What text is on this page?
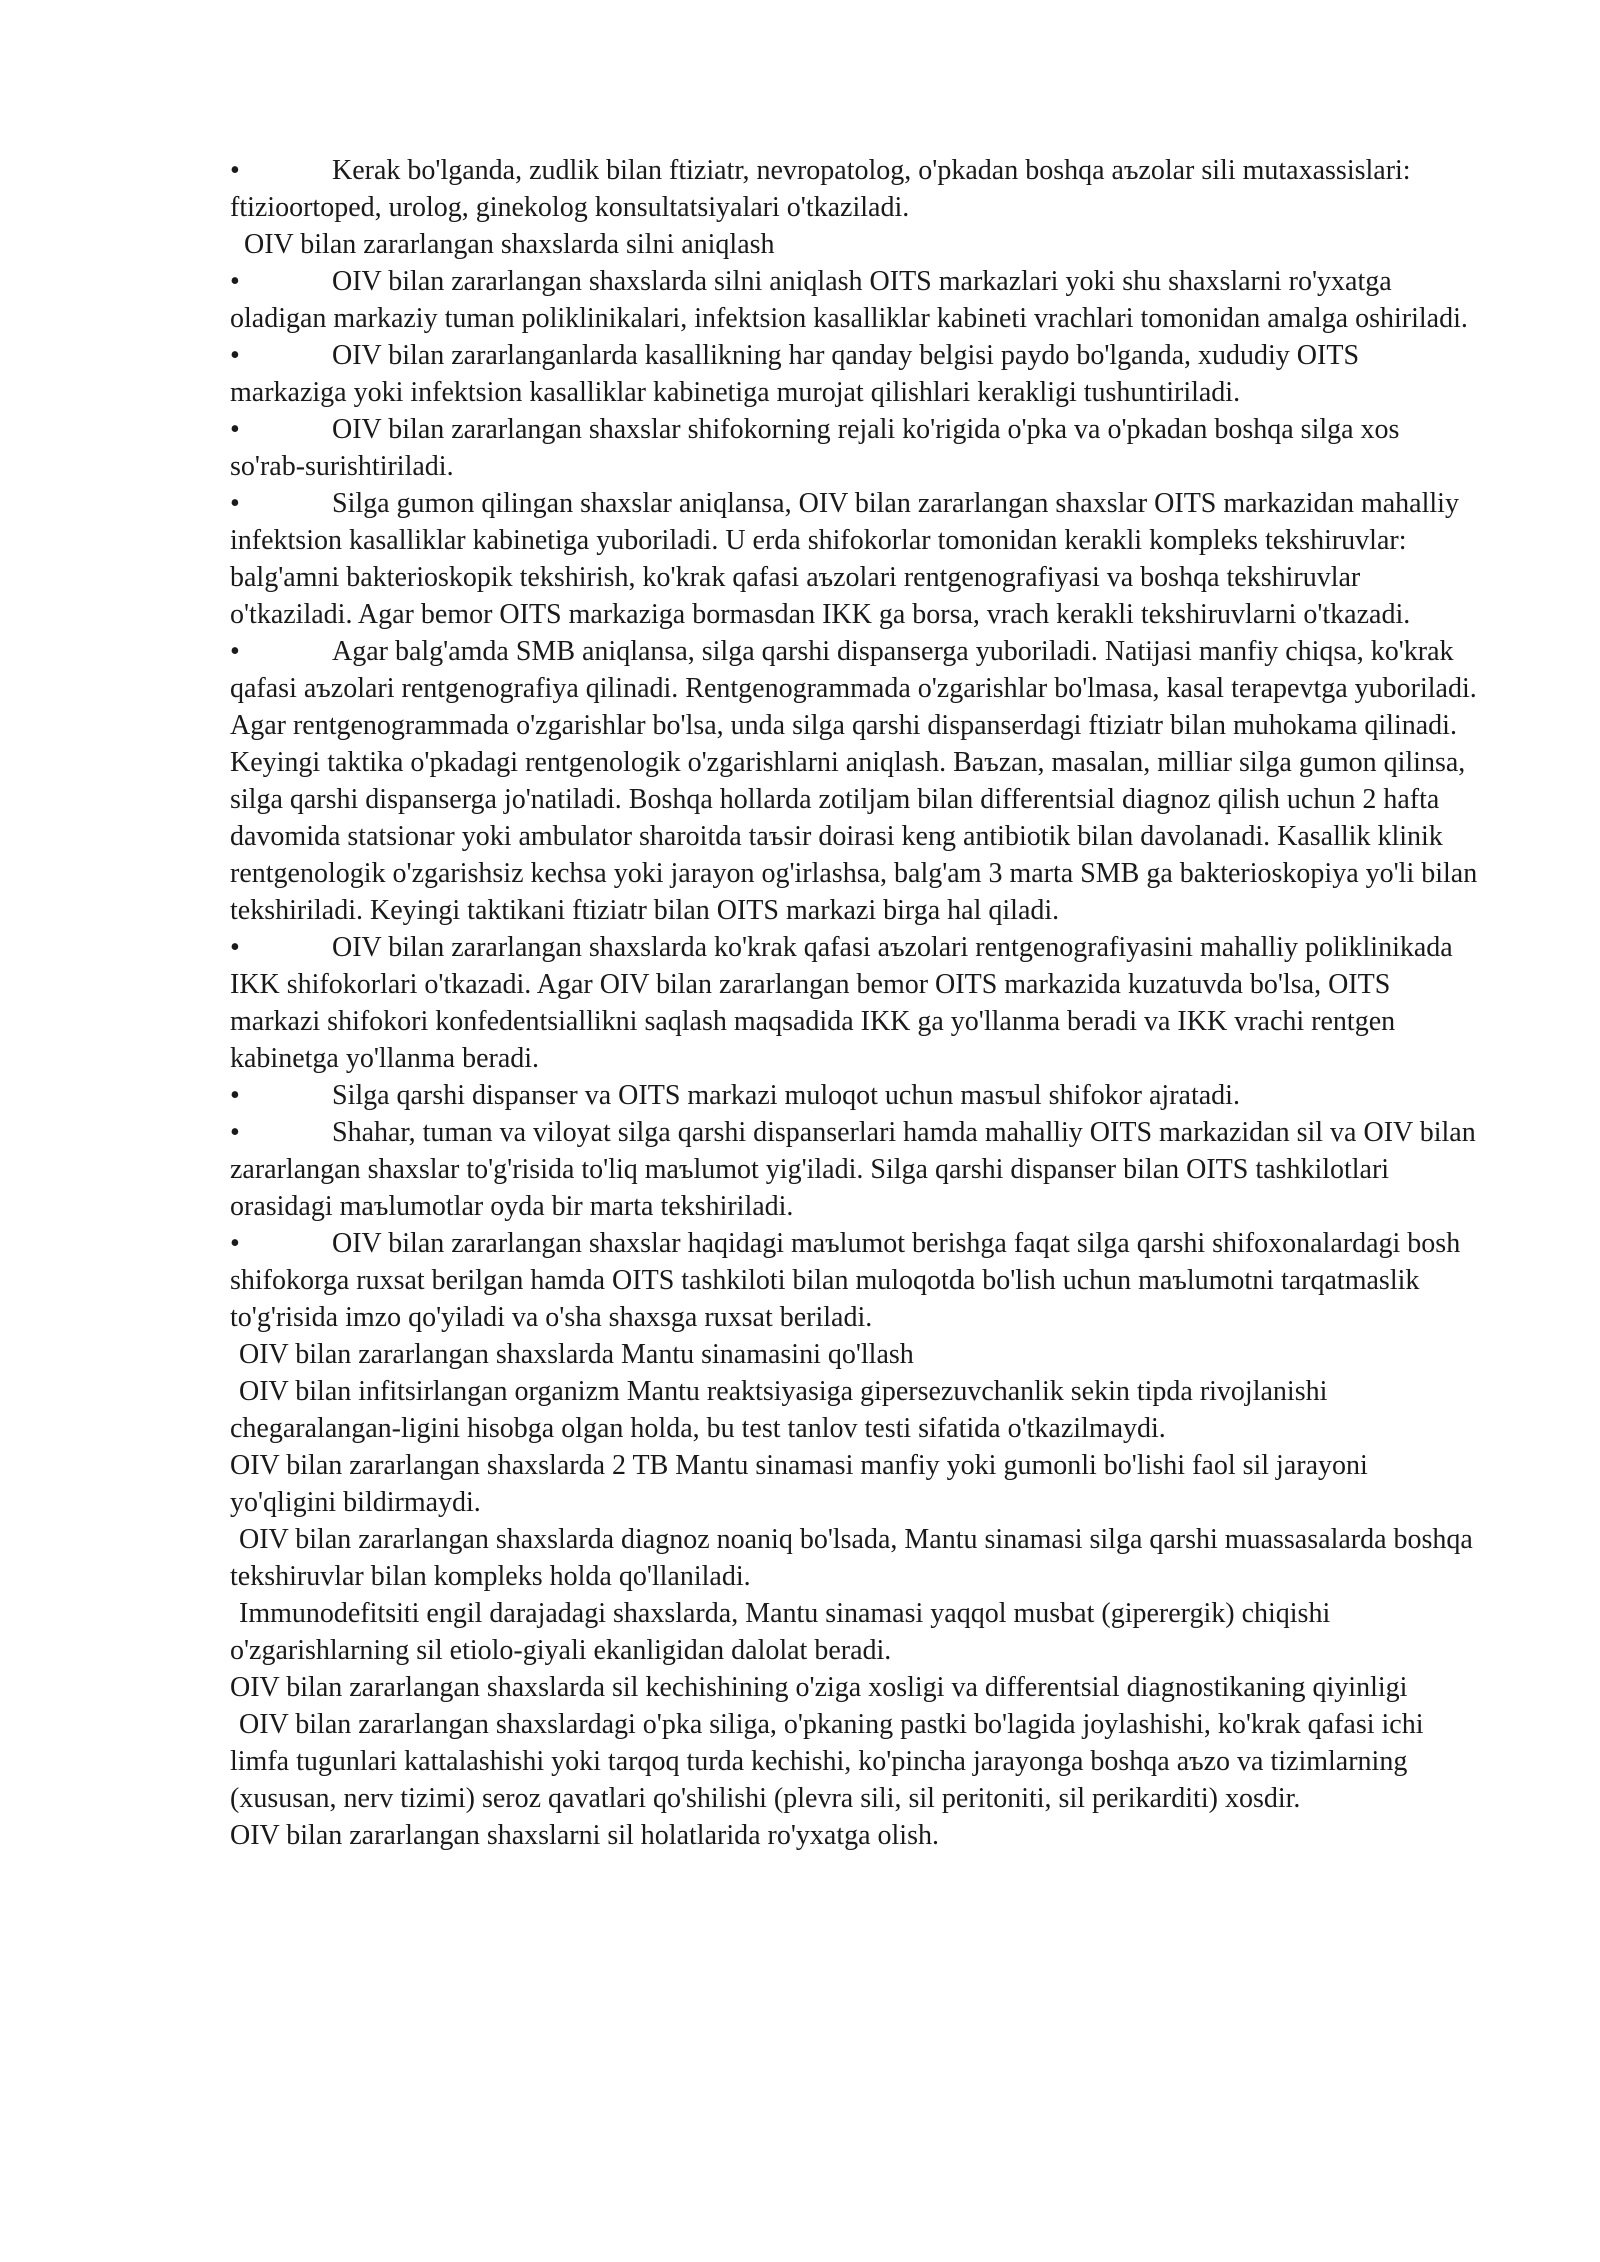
•	Kerak bo'lganda, zudlik bilan ftiziatr, nevropatolog, o'pkadan boshqa aъzolar sili mutaxassislari: ftizioortoped, urolog, ginekolog konsultatsiyalari o'tkaziladi.

OIV bilan zararlangan shaxslarda silni aniqlash

•	OIV bilan zararlangan shaxslarda silni aniqlash OITS markazlari yoki shu shaxslarni ro'yxatga oladigan markaziy tuman poliklinikalari, infektsion kasalliklar kabineti vrachlari tomonidan amalga oshiriladi.

•	OIV bilan zararlanganlarda kasallikning har qanday belgisi paydo bo'lganda, xududiy OITS markaziga yoki infektsion kasalliklar kabinetiga murojat qilishlari kerakligi tushuntiriladi.

•	OIV bilan zararlangan shaxslar shifokorning rejali ko'rigida o'pka va o'pkadan boshqa silga xos so'rab-surishtiriladi.

•	Silga gumon qilingan shaxslar aniqlansa, OIV bilan zararlangan shaxslar OITS markazidan mahalliy infektsion kasalliklar kabinetiga yuboriladi. U erda shifokorlar tomonidan kerakli kompleks tekshiruvlar: balg'amni bakterioskopik tekshirish, ko'krak qafasi aъzolari rentgenografiyasi va boshqa tekshiruvlar o'tkaziladi. Agar bemor OITS markaziga bormasdan IKK ga borsa, vrach kerakli tekshiruvlarni o'tkazadi.

•	Agar balg'amda SMB aniqlansa, silga qarshi dispanserga yuboriladi. Natijasi manfiy chiqsa, ko'krak qafasi aъzolari rentgenografiya qilinadi. Rentgenogrammada o'zgarishlar bo'lmasa, kasal terapevtga yuboriladi. Agar rentgenogrammada o'zgarishlar bo'lsa, unda silga qarshi dispanserdagi ftiziatr bilan muhokama qilinadi. Keyingi taktika o'pkadagi rentgenologik o'zgarishlarni aniqlash. Baъzan, masalan, milliar silga gumon qilinsa, silga qarshi dispanserga jo'natiladi. Boshqa hollarda zotiljam bilan differentsial diagnoz qilish uchun 2 hafta davomida statsionar yoki ambulator sharoitda taъsir doirasi keng antibiotik bilan davolanadi. Kasallik klinik rentgenologik o'zgarishsiz kechsa yoki jarayon og'irlashsa, balg'am 3 marta SMB ga bakterioskopiya yo'li bilan tekshiriladi. Keyingi taktikani ftiziatr bilan OITS markazi birga hal qiladi.

•	OIV bilan zararlangan shaxslarda ko'krak qafasi aъzolari rentgenografiyasini mahalliy poliklinikada IKK shifokorlari o'tkazadi. Agar OIV bilan zararlangan bemor OITS markazida kuzatuvda bo'lsa, OITS markazi shifokori konfedentsiallikni saqlash maqsadida IKK ga yo'llanma beradi va IKK vrachi rentgen kabinetga yo'llanma beradi.

•	Silga qarshi dispanser va OITS markazi muloqot uchun masъul shifokor ajratadi.

•	Shahar, tuman va viloyat silga qarshi dispanserlari hamda mahalliy OITS markazidan sil va OIV bilan zararlangan shaxslar to'g'risida to'liq maъlumot yig'iladi. Silga qarshi dispanser bilan OITS tashkilotlari orasidagi maъlumotlar oyda bir marta tekshiriladi.

•	OIV bilan zararlangan shaxslar haqidagi maъlumot berishga faqat silga qarshi shifoxonalardagi bosh shifokorga ruxsat berilgan hamda OITS tashkiloti bilan muloqotda bo'lish uchun maъlumotni tarqatmaslik to'g'risida imzo qo'yiladi va o'sha shaxsga ruxsat beriladi.

OIV bilan zararlangan shaxslarda Mantu sinamasini qo'llash

OIV bilan infitsirlangan organizm Mantu reaktsiyasiga gipersezuvchanlik sekin tipda rivojlanishi chegaralangan-ligini hisobga olgan holda, bu test tanlov testi sifatida o'tkazilmaydi.

OIV bilan zararlangan shaxslarda 2 TB Mantu sinamasi manfiy yoki gumonli bo'lishi faol sil jarayoni yo'qligini bildirmaydi.

OIV bilan zararlangan shaxslarda diagnoz noaniq bo'lsada, Mantu sinamasi silga qarshi muassasalarda boshqa tekshiruvlar bilan kompleks holda qo'llaniladi.

Immunodefitsiti engil darajadagi shaxslarda, Mantu sinamasi yaqqol musbat (giperergik) chiqishi o'zgarishlarning sil etiolo-giyali ekanligidan dalolat beradi.

OIV bilan zararlangan shaxslarda sil kechishining o'ziga xosligi va differentsial diagnostikaning qiyinligi

OIV bilan zararlangan shaxslardagi o'pka siliga, o'pkaning pastki bo'lagida joylashishi, ko'krak qafasi ichi limfa tugunlari kattalashishi yoki tarqoq turda kechishi, ko'pincha jarayonga boshqa aъzo va tizimlarning (xususan, nerv tizimi) seroz qavatlari qo'shilishi (plevra sili, sil peritoniti, sil perikarditi) xosdir.

OIV bilan zararlangan shaxslarni sil holatlarida ro'yxatga olish.
